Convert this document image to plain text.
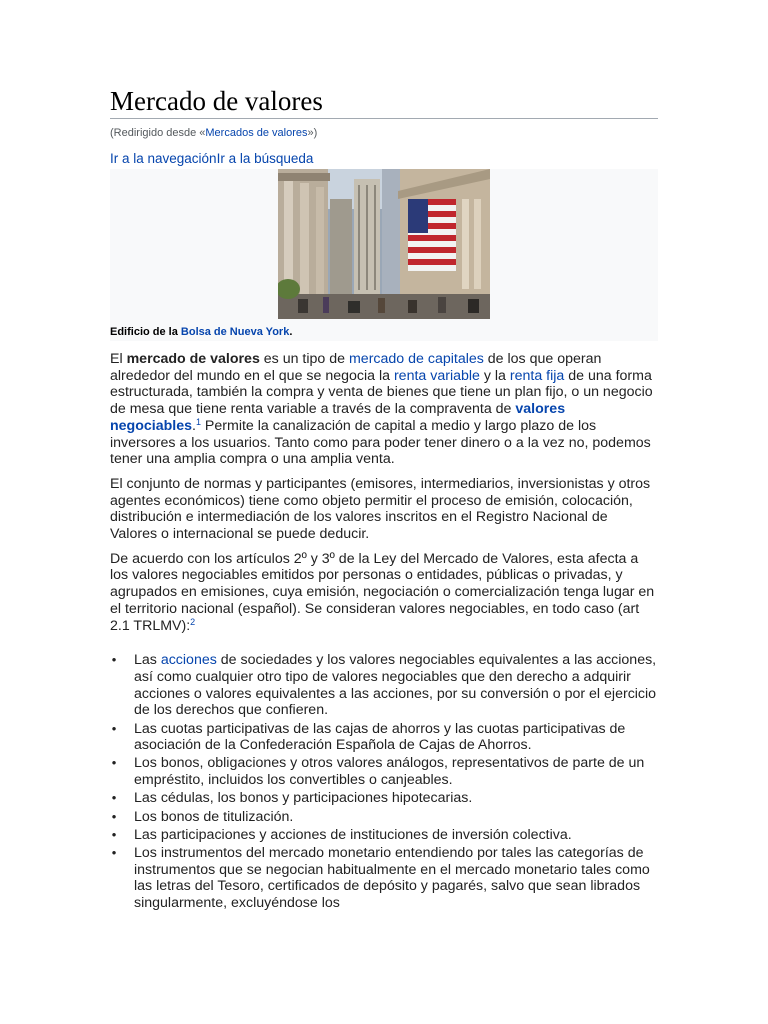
Mercado de valores
(Redirigido desde «Mercados de valores»)
Ir a la navegaciónIr a la búsqueda
Edificio de la Bolsa de Nueva York.

El mercado de valores es un tipo de mercado de capitales de los que operan alrededor del mundo en el que se negocia la renta variable y la renta fija de una forma estructurada, también la compra y venta de bienes que tiene un plan fijo, o un negocio de mesa que tiene renta variable a través de la compraventa de valores negociables.$^1$ Permite la canalización de capital a medio y largo plazo de los inversores a los usuarios. Tanto como para poder tener dinero o a la vez no, podemos tener una amplia compra o una amplia venta.

El conjunto de normas y participantes (emisores, intermediarios, inversionistas y otros agentes económicos) tiene como objeto permitir el proceso de emisión, colocación, distribución e intermediación de los valores inscritos en el Registro Nacional de Valores o internacional se puede deducir.

De acuerdo con los artículos 2º y 3º de la Ley del Mercado de Valores, esta afecta a los valores negociables emitidos por personas o entidades, públicas o privadas, y agrupados en emisiones, cuya emisión, negociación o comercialización tenga lugar en el territorio nacional (español). Se consideran valores negociables, en todo caso (art 2.1 TRLMV):$^2$

•
Las acciones de sociedades y los valores negociables equivalentes a las acciones, así como cualquier otro tipo de valores negociables que den derecho a adquirir acciones o valores equivalentes a las acciones, por su conversión o por el ejercicio de los derechos que confieren.
•
Las cuotas participativas de las cajas de ahorros y las cuotas participativas de asociación de la Confederación Española de Cajas de Ahorros.
•
Los bonos, obligaciones y otros valores análogos, representativos de parte de un empréstito, incluidos los convertibles o canjeables.
•
Las cédulas, los bonos y participaciones hipotecarias.
•
Los bonos de titulización.
•
Las participaciones y acciones de instituciones de inversión colectiva.
•
Los instrumentos del mercado monetario entendiendo por tales las categorías de instrumentos que se negocian habitualmente en el mercado monetario tales como las letras del Tesoro, certificados de depósito y pagarés, salvo que sean librados singularmente, excluyéndose los
